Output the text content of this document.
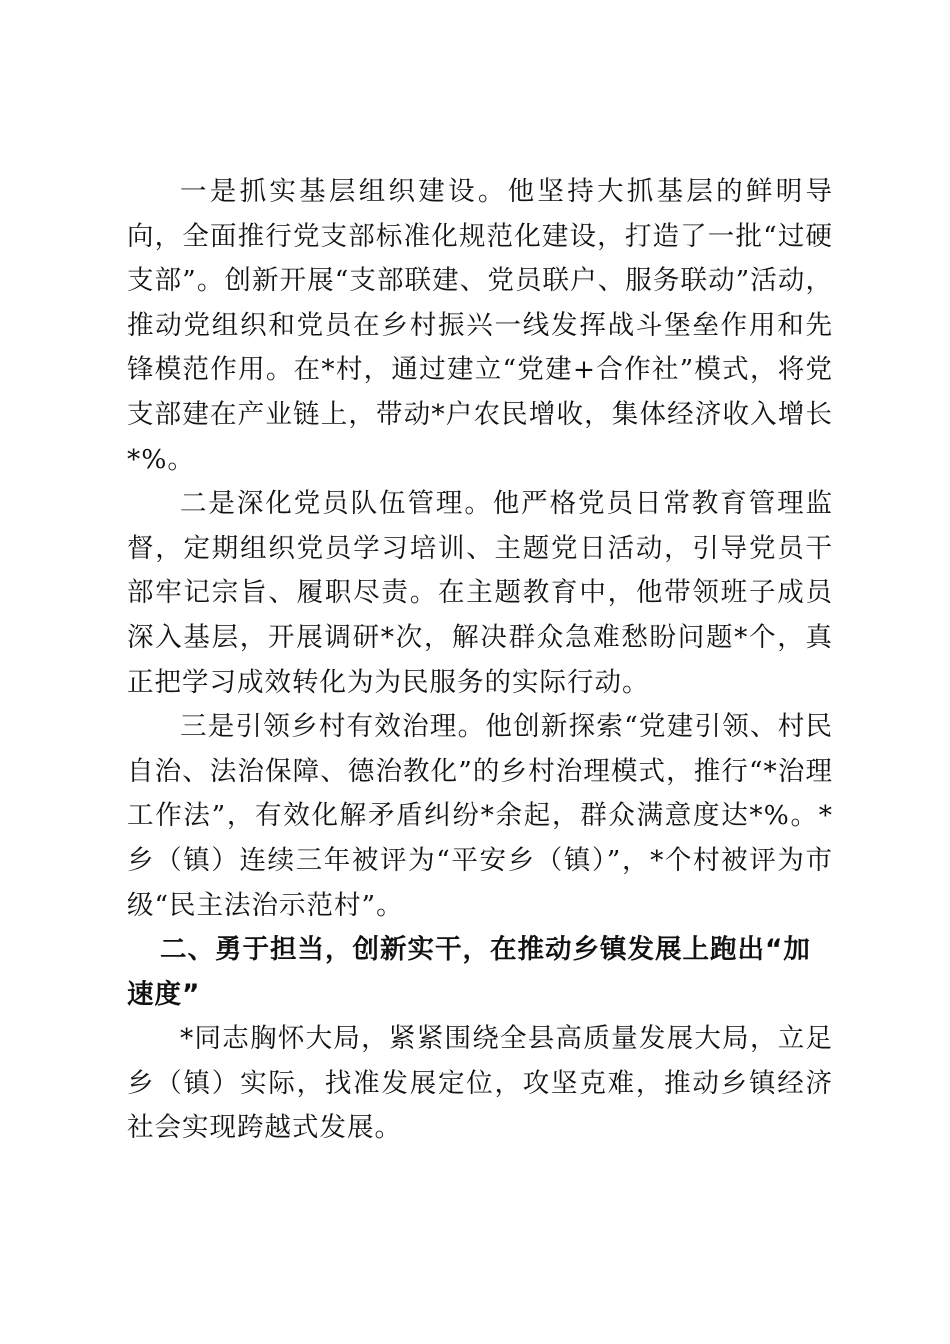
一是抓实基层组织建设。他坚持大抓基层的鲜明导向，全面推行党支部标准化规范化建设，打造了一批“过硬支部”。创新开展“支部联建、党员联户、服务联动”活动，推动党组织和党员在乡村振兴一线发挥战斗堡垒作用和先锋模范作用。在*村，通过建立“党建+合作社”模式，将党支部建在产业链上，带动*户农民增收，集体经济收入增长*%。

二是深化党员队伍管理。他严格党员日常教育管理监督，定期组织党员学习培训、主题党日活动，引导党员干部牢记宗旨、履职尽责。在主题教育中，他带领班子成员深入基层，开展调研*次，解决群众急难愁盼问题*个，真正把学习成效转化为为民服务的实际行动。

三是引领乡村有效治理。他创新探索“党建引领、村民自治、法治保障、德治教化”的乡村治理模式，推行“*治理工作法”，有效化解矛盾纠纷*余起，群众满意度达*%。*乡（镇）连续三年被评为“平安乡（镇）”，*个村被评为市级“民主法治示范村”。

二、勇于担当，创新实干，在推动乡镇发展上跑出“加速度”

*同志胸怀大局，紧紧围绕全县高质量发展大局，立足乡（镇）实际，找准发展定位，攻坚克难，推动乡镇经济社会实现跨越式发展。
